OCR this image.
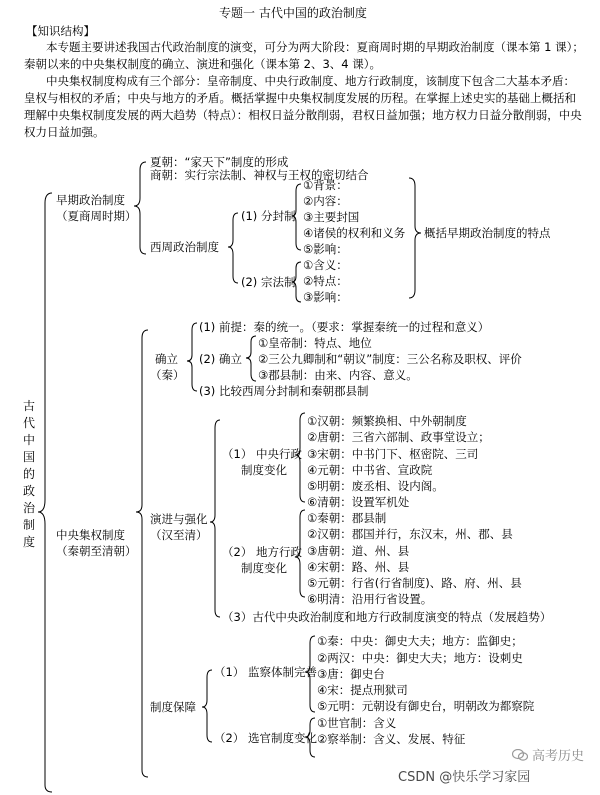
专题一 古代中国的政治制度
【知识结构】
本专题主要讲述我国古代政治制度的演变，可分为两大阶段：夏商周时期的早期政治制度（课本第 1 课）；秦朝以来的中央集权制度的确立、演进和强化（课本第 2、3、4 课）。
中央集权制度构成有三个部分：皇帝制度、中央行政制度、地方行政制度，该制度下包含二大基本矛盾：皇权与相权的矛盾；中央与地方的矛盾。概括掌握中央集权制度发展的历程。在掌握上述史实的基础上概括和理解中央集权制度发展的两大趋势（特点）：相权日益分散削弱，君权日益加强；地方权力日益分散削弱，中央权力日益加强。
古代中国的政治制度
早期政治制度
（夏商周时期）
夏朝：“家天下”制度的形成
商朝：实行宗法制、神权与王权的密切结合
西周政治制度
(1) 分封制
①背景：
②内容：
③主要封国
④诸侯的权利和义务
⑤影响：
(2) 宗法制
①含义：
②特点：
③影响：
概括早期政治制度的特点
中央集权制度
（秦朝至清朝）
确立
（秦）
(1) 前提：秦的统一。（要求：掌握秦统一的过程和意义）
(2) 确立
①皇帝制：特点、地位
②三公九卿制和“朝议”制度：三公名称及职权、评价
③郡县制：由来、内容、意义。
(3) 比较西周分封制和秦朝郡县制
演进与强化
（汉至清）
（1） 中央行政
制度变化
①汉朝：频繁换相、中外朝制度
②唐朝：三省六部制、政事堂设立；
③宋朝：中书门下、枢密院、三司
④元朝：中书省、宣政院
⑤明朝：废丞相、设内阁。
⑥清朝：设置军机处
（2） 地方行政
制度变化
①秦朝：郡县制
②汉朝：郡国并行，东汉末，州、郡、县
③唐朝：道、州、县
④宋朝：路、州、县
⑤元朝：行省(行省制度)、路、府、州、县
⑥明清：沿用行省设置。
（3）古代中央政治制度和地方行政制度演变的特点（发展趋势）
制度保障
（1） 监察体制完善
①秦：中央：御史大夫；地方：监御史；
②两汉：中央：御史大夫；地方：设刺史
③唐：御史台
④宋：提点刑狱司
⑤元明：元朝设有御史台，明朝改为都察院
（2） 选官制度变化
①世官制：含义
②察举制：含义、发展、特征
高考历史
CSDN @快乐学习家园
